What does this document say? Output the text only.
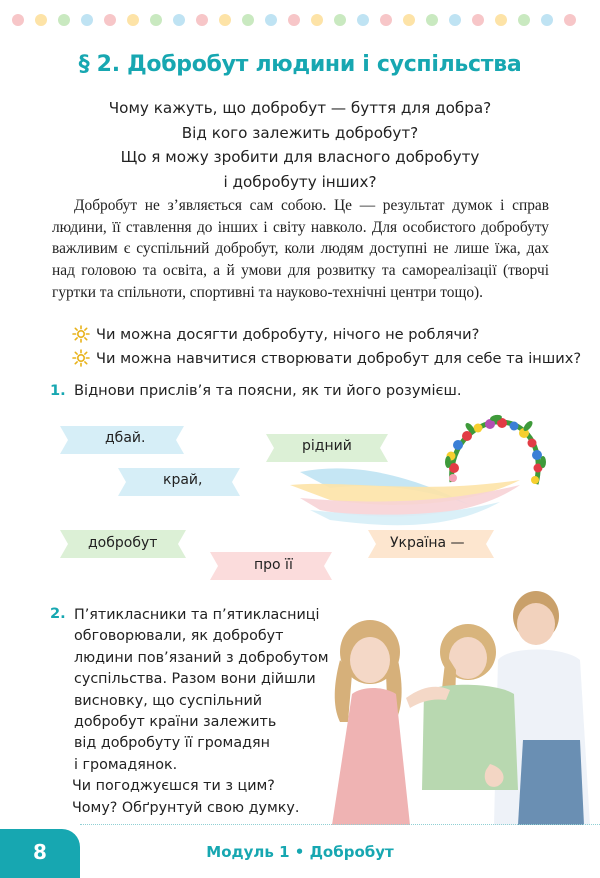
§ 2. Добробут людини і суспільства
Чому кажуть, що добробут — буття для добра?
Від кого залежить добробут?
Що я можу зробити для власного добробуту
і добробуту інших?

Добробут не з’являється сам собою. Це — результат думок і справ людини, її ставлення до інших і світу навколо. Для особистого добробуту важливим є суспільний добробут, коли людям доступні не лише їжа, дах над головою та освіта, а й умови для розвитку та самореалізації (творчі гуртки та спільноти, спортивні та науково-технічні центри тощо).

Чи можна досягти добробуту, нічого не роблячи?
Чи можна навчитися створювати добробут для себе та інших?
1. Віднови прислів’я та поясни, як ти його розумієш.
дбай.
край,
рідний
добробут
про її
Україна —
2. П’ятикласники та п’ятикласниці
обговорювали, як добробут
людини пов’язаний з добробутом
суспільства. Разом вони дійшли
висновку, що суспільний
добробут країни залежить
від добробуту її громадян
і громадянок.
Чи погоджуєшся ти з цим?
Чому? Обґрунтуй свою думку.
8	Модуль 1 • Добробут
